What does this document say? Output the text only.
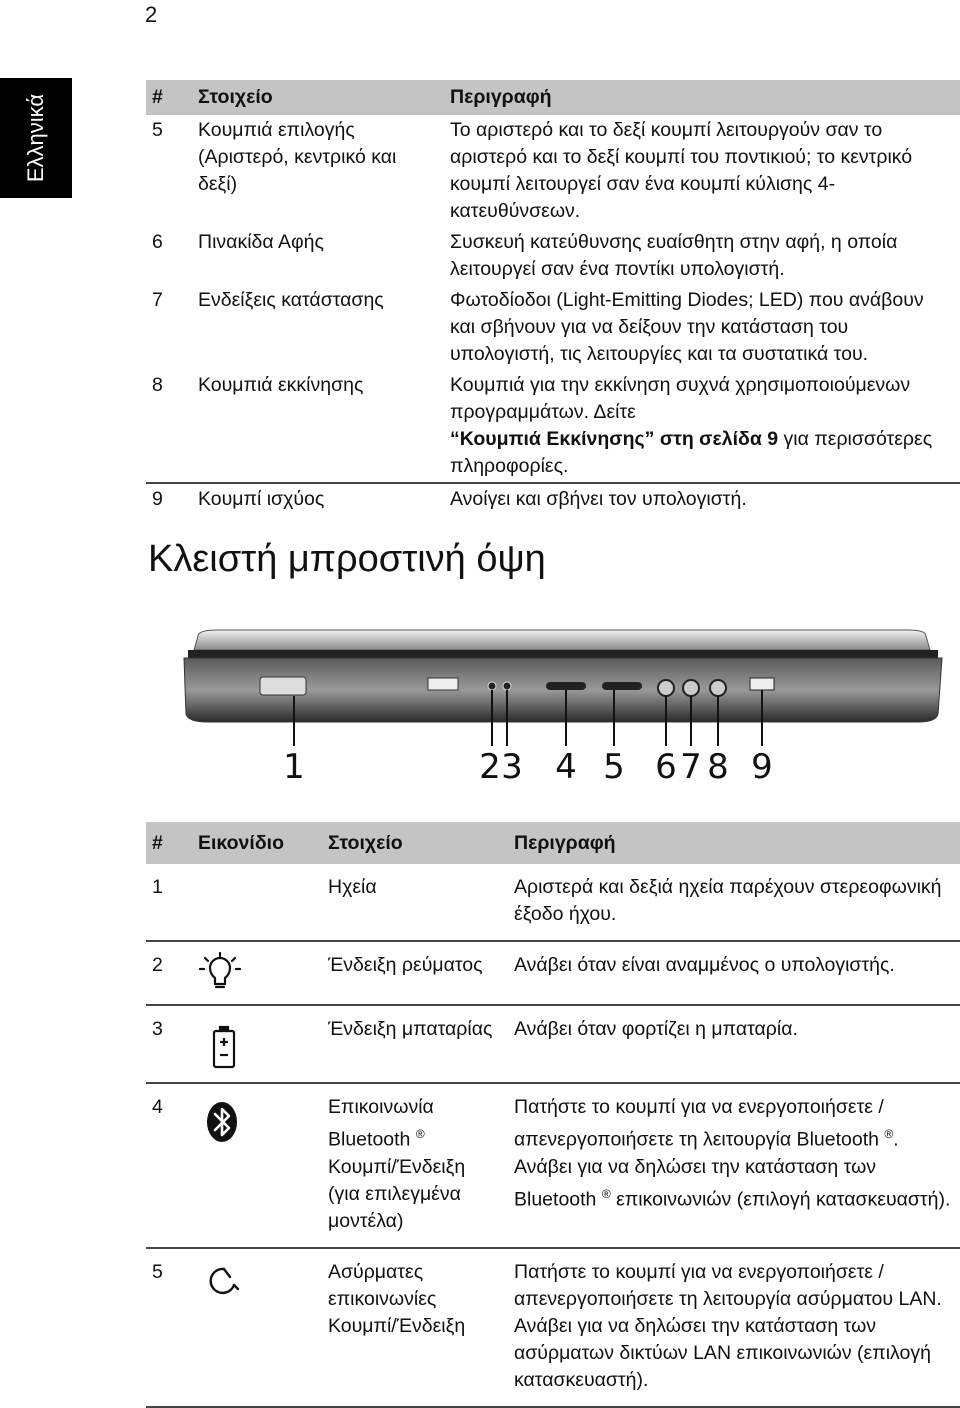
2
Ελληνικά	#	Στοιχείο	Περιγραφή
5	Κουμπιά επιλογής (Αριστερό, κεντρικό και δεξί)	Το αριστερό και το δεξί κουμπί λειτουργούν σαν το αριστερό και το δεξί κουμπί του ποντικιού; το κεντρικό κουμπί λειτουργεί σαν ένα κουμπί κύλισης 4-κατευθύνσεων.
6	Πινακίδα Αφής	Συσκευή κατεύθυνσης ευαίσθητη στην αφή, η οποία λειτουργεί σαν ένα ποντίκι υπολογιστή.
7	Ενδείξεις κατάστασης	Φωτοδίοδοι (Light-Emitting Diodes; LED) που ανάβουν και σβήνουν για να δείξουν την κατάσταση του υπολογιστή, τις λειτουργίες και τα συστατικά του.
8	Κουμπιά εκκίνησης	Κουμπιά για την εκκίνηση συχνά χρησιμοποιούμενων προγραμμάτων. Δείτε
“Κουμπιά Εκκίνησης” στη σελίδα 9 για περισσότερες πληροφορίες.
9	Κουμπί ισχύος	Ανοίγει και σβήνει τον υπολογιστή.
Κλειστή μπροστινή όψη
1	2 3 4 5 6 7 8 9
#	Εικονίδιο	Στοιχείο	Περιγραφή
1		Ηχεία	Αριστερά και δεξιά ηχεία παρέχουν στερεοφωνική έξοδο ήχου.
2		Ένδειξη ρεύματος	Ανάβει όταν είναι αναμμένος ο υπολογιστής.
3		Ένδειξη μπαταρίας	Ανάβει όταν φορτίζει η μπαταρία.
4		Επικοινωνία Bluetooth ®
Κουμπί/Ένδειξη (για επιλεγμένα μοντέλα)	Πατήστε το κουμπί για να ενεργοποιήσετε / απενεργοποιήσετε τη λειτουργία Bluetooth ®. Ανάβει για να δηλώσει την κατάσταση των Bluetooth ® επικοινωνιών (επιλογή κατασκευαστή).
5		Ασύρματες επικοινωνίες Κουμπί/Ένδειξη	Πατήστε το κουμπί για να ενεργοποιήσετε / απενεργοποιήσετε τη λειτουργία ασύρματου LAN. Ανάβει για να δηλώσει την κατάσταση των ασύρματων δικτύων LAN επικοινωνιών (επιλογή κατασκευαστή).
